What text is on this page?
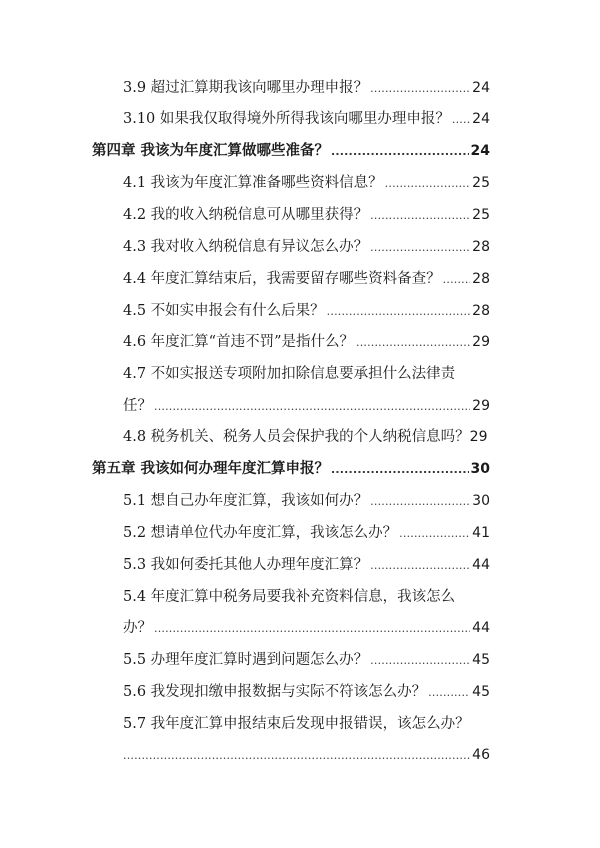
3.9 超过汇算期我该向哪里办理申报？ .....	24
3.10 如果我仅取得境外所得我该向哪里办理申报？ ..... 24
第四章 我该为年度汇算做哪些准备？ .....	24
4.1 我该为年度汇算准备哪些资料信息？ .....	25
4.2 我的收入纳税信息可从哪里获得？ .....	25
4.3 我对收入纳税信息有异议怎么办？ .....	28
4.4 年度汇算结束后，我需要留存哪些资料备查？ ..... 28
4.5 不如实申报会有什么后果？ .....	28
4.6 年度汇算“首违不罚”是指什么？ .....	29
4.7 不如实报送专项附加扣除信息要承担什么法律责
任？ .....	29
4.8 税务机关、税务人员会保护我的个人纳税信息吗？ 29
第五章 我该如何办理年度汇算申报？ .....	30
5.1 想自己办年度汇算，我该如何办？ .....	30
5.2 想请单位代办年度汇算，我该怎么办？ .....	41
5.3 我如何委托其他人办理年度汇算？ .....	44
5.4 年度汇算中税务局要我补充资料信息，我该怎么
办？ .....	44
5.5 办理年度汇算时遇到问题怎么办？ .....	45
5.6 我发现扣缴申报数据与实际不符该怎么办？ .....	45
5.7 我年度汇算申报结束后发现申报错误，该怎么办？
.....
46
